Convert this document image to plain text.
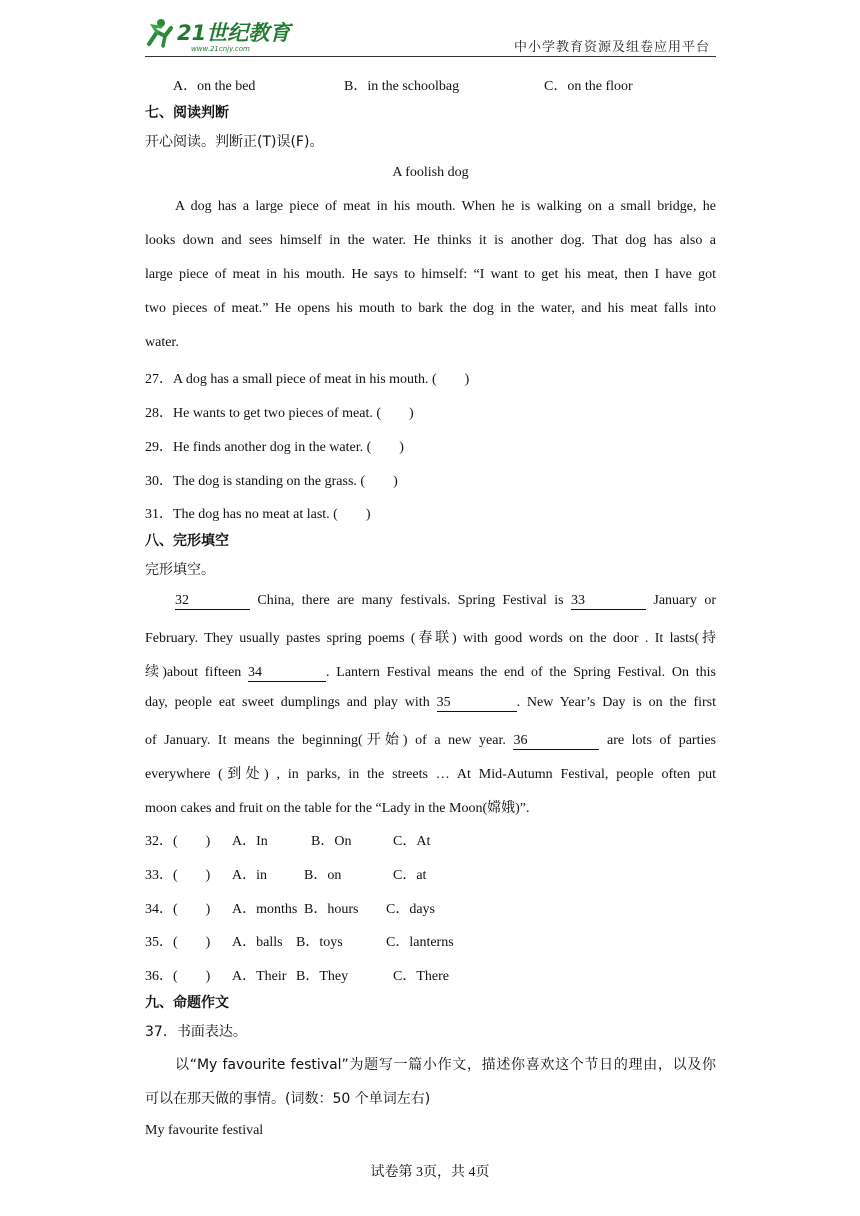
21世纪教育
www.21cnjy.com	中小学教育资源及组卷应用平台
A．on the bed	B．in the schoolbag	C．on the floor
七、阅读判断
开心阅读。判断正(T)误(F)。
A foolish dog
A dog has a large piece of meat in his mouth. When he is walking on a small bridge, he
looks down and sees himself in the water. He thinks it is another dog. That dog has also a
large piece of meat in his mouth. He says to himself: “I want to get his meat, then I have got
two pieces of meat.” He opens his mouth to bark the dog in the water, and his meat falls into
water.
27．A dog has a small piece of meat in his mouth. (　　)
28．He wants to get two pieces of meat. (　　)
29．He finds another dog in the water. (　　)
30．The dog is standing on the grass. (　　)
31．The dog has no meat at last. (　　)
八、完形填空
完形填空。
32	China, there are many festivals. Spring Festival is 33	January or
February. They usually pastes spring poems (春联) with good words on the door . It lasts(持
续)about fifteen 34	. Lantern Festival means the end of the Spring Festival. On this
day, people eat sweet dumplings and play with 35	. New Year’s Day is on the first
of January. It means the beginning(开始) of a new year. 36	are lots of parties
everywhere (到处) , in parks, in the streets … At Mid-Autumn Festival, people often put
moon cakes and fruit on the table for the “Lady in the Moon(嫦娥)”.
32．(　　) A．In	B．On	C．At
33．(　　) A．in	B．on	C．at
34．(　　) A．months B．hours C．days
35．(　　) A．balls B．toys	C．lanterns
36．(　　) A．Their B．They	C．There
九、命题作文
37．书面表达。
以“My favourite festival”为题写一篇小作文，描述你喜欢这个节日的理由，以及你
可以在那天做的事情。(词数：50 个单词左右)
My favourite festival
试卷第 3页，共 4页
